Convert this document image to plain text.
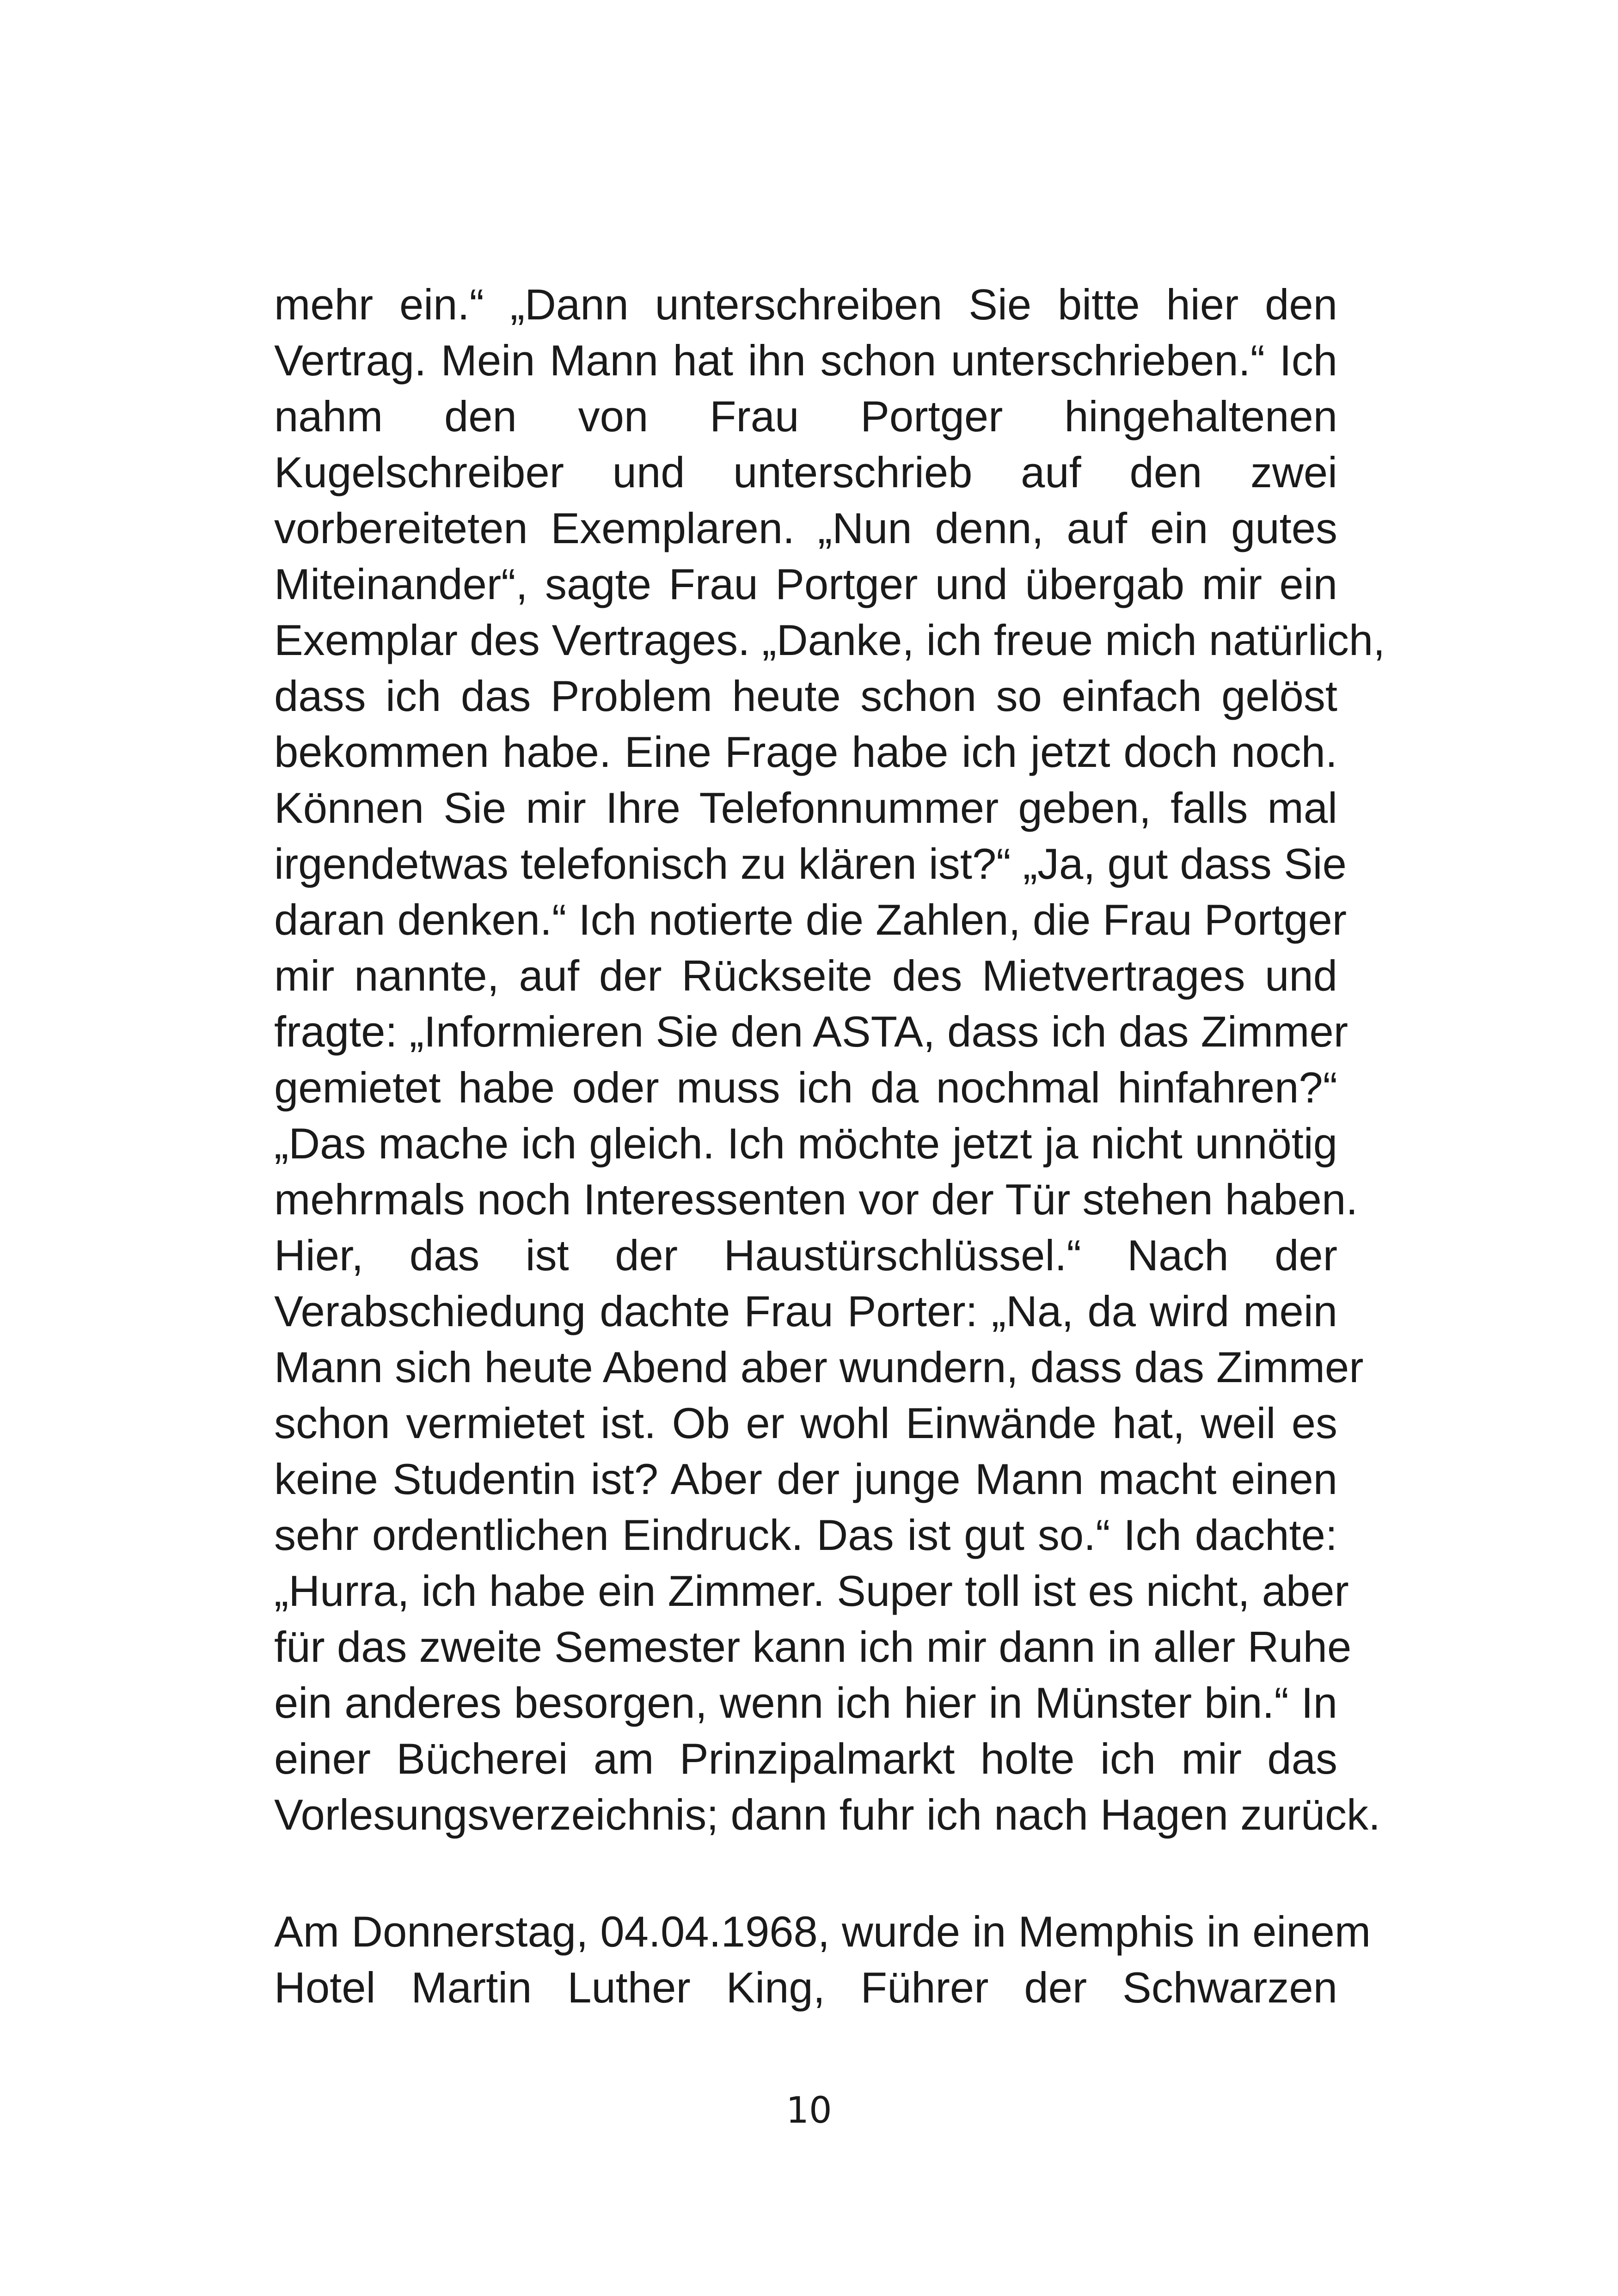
mehr ein.“ „Dann unterschreiben Sie bitte hier den
Vertrag. Mein Mann hat ihn schon unterschrieben.“ Ich
nahm den von Frau Portger hingehaltenen
Kugelschreiber und unterschrieb auf den zwei
vorbereiteten Exemplaren. „Nun denn, auf ein gutes
Miteinander“, sagte Frau Portger und übergab mir ein
Exemplar des Vertrages. „Danke, ich freue mich natürlich,
dass ich das Problem heute schon so einfach gelöst
bekommen habe. Eine Frage habe ich jetzt doch noch.
Können Sie mir Ihre Telefonnummer geben, falls mal
irgendetwas telefonisch zu klären ist?“ „Ja, gut dass Sie
daran denken.“ Ich notierte die Zahlen, die Frau Portger
mir nannte, auf der Rückseite des Mietvertrages und
fragte: „Informieren Sie den ASTA, dass ich das Zimmer
gemietet habe oder muss ich da nochmal hinfahren?“
„Das mache ich gleich. Ich möchte jetzt ja nicht unnötig
mehrmals noch Interessenten vor der Tür stehen haben.
Hier, das ist der Haustürschlüssel.“ Nach der
Verabschiedung dachte Frau Porter: „Na, da wird mein
Mann sich heute Abend aber wundern, dass das Zimmer
schon vermietet ist. Ob er wohl Einwände hat, weil es
keine Studentin ist? Aber der junge Mann macht einen
sehr ordentlichen Eindruck. Das ist gut so.“ Ich dachte:
„Hurra, ich habe ein Zimmer. Super toll ist es nicht, aber
für das zweite Semester kann ich mir dann in aller Ruhe
ein anderes besorgen, wenn ich hier in Münster bin.“ In
einer Bücherei am Prinzipalmarkt holte ich mir das
Vorlesungsverzeichnis; dann fuhr ich nach Hagen zurück.
Am Donnerstag, 04.04.1968, wurde in Memphis in einem
Hotel Martin Luther King, Führer der Schwarzen
10
